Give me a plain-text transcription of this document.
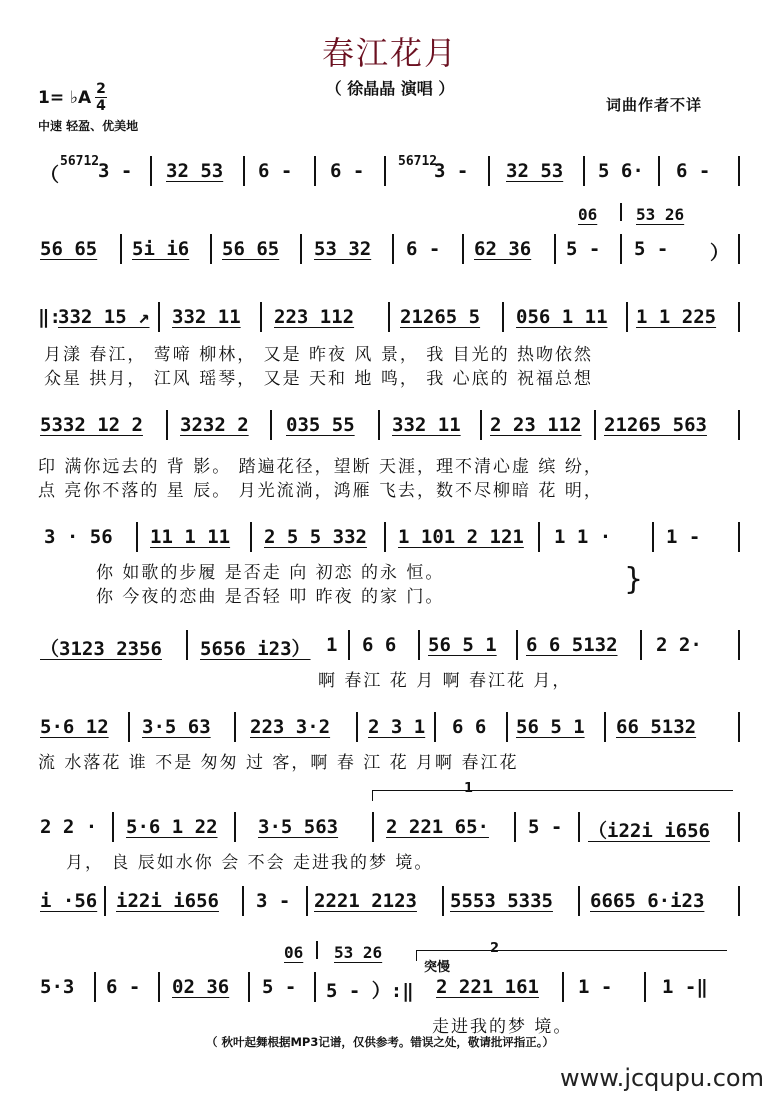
春江花月
（ 徐晶晶 演唱 ）
1= ♭A 2
4
中速 轻盈、优美地
词曲作者不详
（
56712
3 - 32 53 6 - 6 -	56712
3 - 32 53 5 6· 6 -
06 53 26
56 65 5i i6 56 65 53 32 6 - 62 36 5 - 5 - ）
‖:
332 15 ↗ 332 11 223 112 21265 5 056 1 11 1 1 225
月漾 春江， 莺啼 柳林， 又是 昨夜 风 景， 我 目光的 热吻依然
众星 拱月， 江风 瑶琴， 又是 天和 地 鸣， 我 心底的 祝福总想
5332 12 2 3232 2 035 55 332 11 2 23 112 21265 563
印 满你远去的 背 影。 踏遍花径，望断 天涯，理不清心虚 缤 纷，
点 亮你不落的 星 辰。 月光流淌，鸿雁 飞去，数不尽柳暗 花 明，
3 · 56 11 1 11 2 5 5 332 1 101 2 121 1 1 ·	1 -
你 如歌的步履 是否走 向 初恋 的永 恒。
你 今夜的恋曲 是否轻 叩 昨夜 的家 门。	}
（3123 2356 5656 i23） 1 6 6 56 5 1 6 6 5132 2 2·
啊 春江 花 月 啊 春江花 月，
5·6 12 3·5 63 223 3·2 2 3 1 6 6 56 5 1 66 5132
流 水落花 谁 不是 匆匆 过 客，啊 春 江 花 月啊 春江花
1
2 2 · 5·6 1 22 3·5 563	2 221 65· 5 - （i22i i656
月， 良 辰如水你 会 不会 走进我的梦 境。
i ·56 i22i i656 3 - 2221 2123 5553 5335 6665 6·i23
06 53 26	2
突慢
5·3 6 - 02 36 5 - 5 - ）:‖ 2 221 161 1 -	1 -‖
走进我的梦 境。
（ 秋叶起舞根据MP3记谱，仅供参考。错误之处，敬请批评指正。）
www.jcqupu.com
